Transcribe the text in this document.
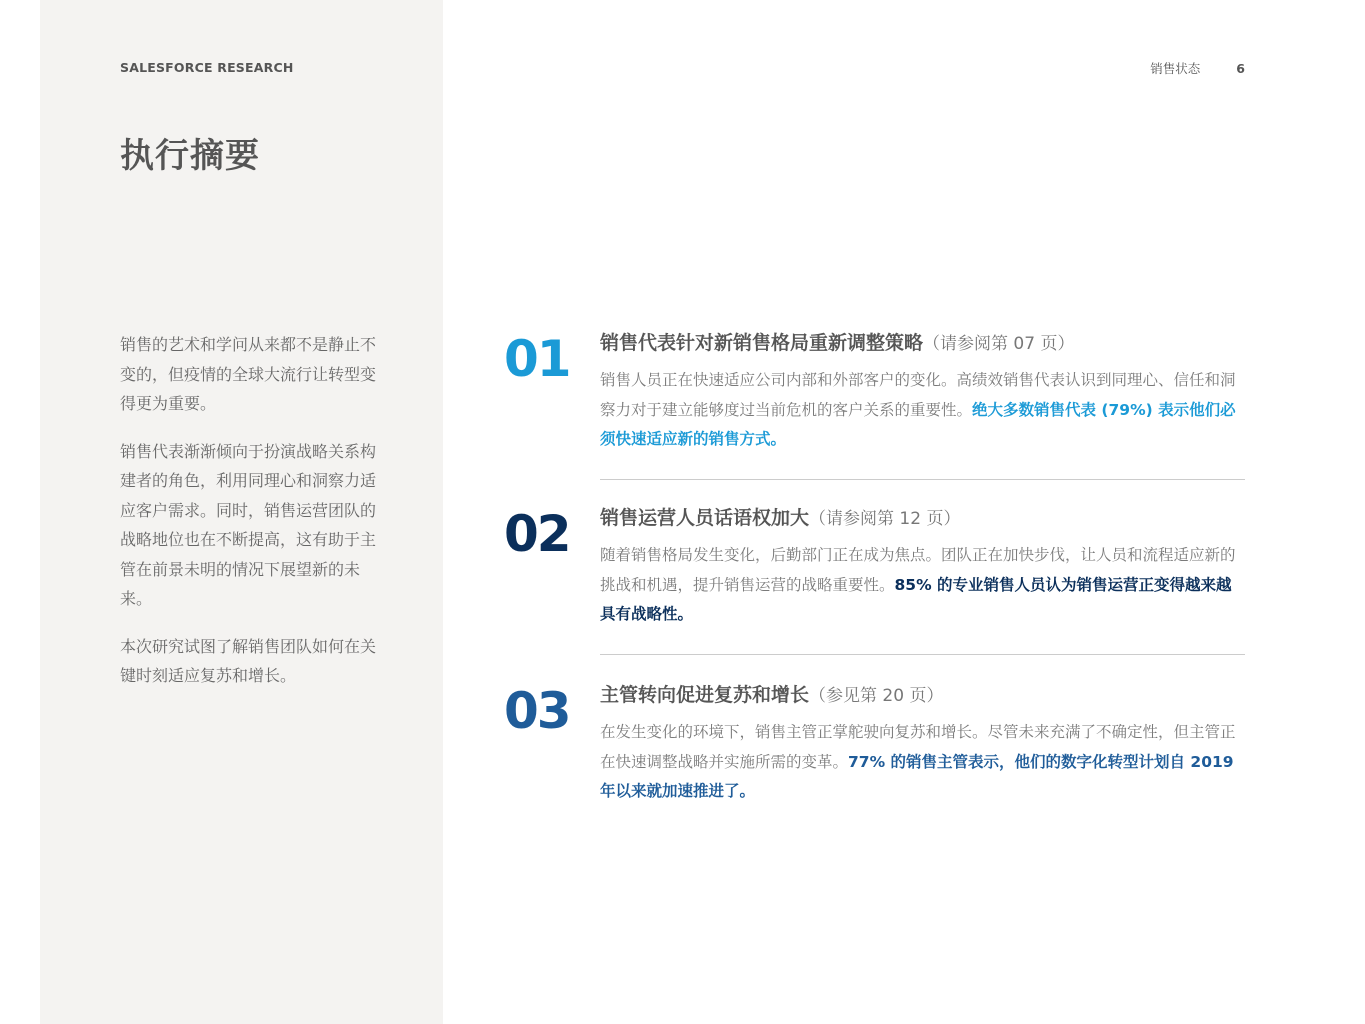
SALESFORCE RESEARCH
执行摘要

销售的艺术和学问从来都不是静止不变的，但疫情的全球大流行让转型变得更为重要。

销售代表渐渐倾向于扮演战略关系构建者的角色，利用同理心和洞察力适应客户需求。同时，销售运营团队的战略地位也在不断提高，这有助于主管在前景未明的情况下展望新的未来。

本次研究试图了解销售团队如何在关键时刻适应复苏和增长。

销售状态	6
01 销售代表针对新销售格局重新调整策略（请参阅第 07 页）
销售人员正在快速适应公司内部和外部客户的变化。高绩效销售代表认识到同理心、信任和洞察力对于建立能够度过当前危机的客户关系的重要性。绝大多数销售代表 (79%) 表示他们必须快速适应新的销售方式。
02 销售运营人员话语权加大（请参阅第 12 页）
随着销售格局发生变化，后勤部门正在成为焦点。团队正在加快步伐，让人员和流程适应新的挑战和机遇，提升销售运营的战略重要性。85% 的专业销售人员认为销售运营正变得越来越具有战略性。
03 主管转向促进复苏和增长（参见第 20 页）
在发生变化的环境下，销售主管正掌舵驶向复苏和增长。尽管未来充满了不确定性，但主管正在快速调整战略并实施所需的变革。77% 的销售主管表示，他们的数字化转型计划自 2019 年以来就加速推进了。
